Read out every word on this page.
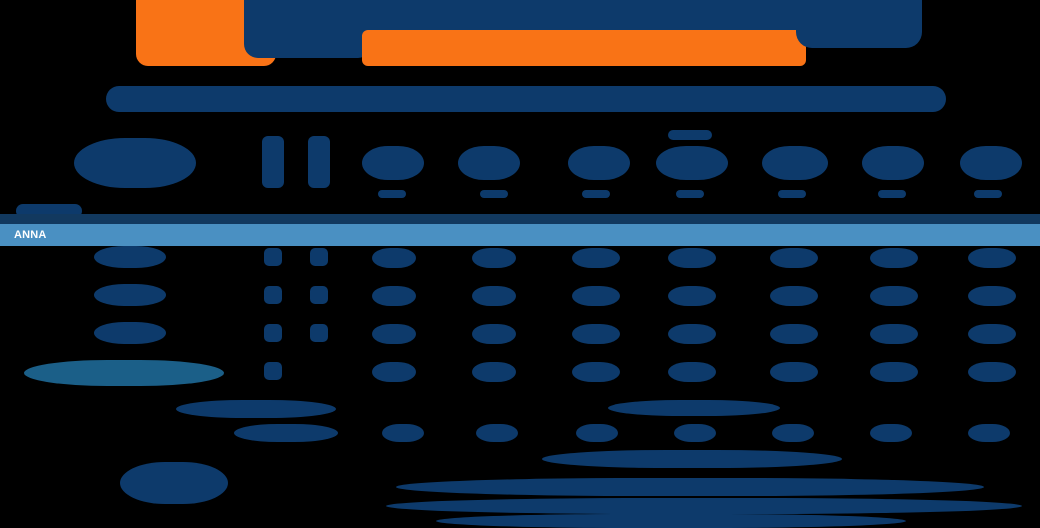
ANNA
